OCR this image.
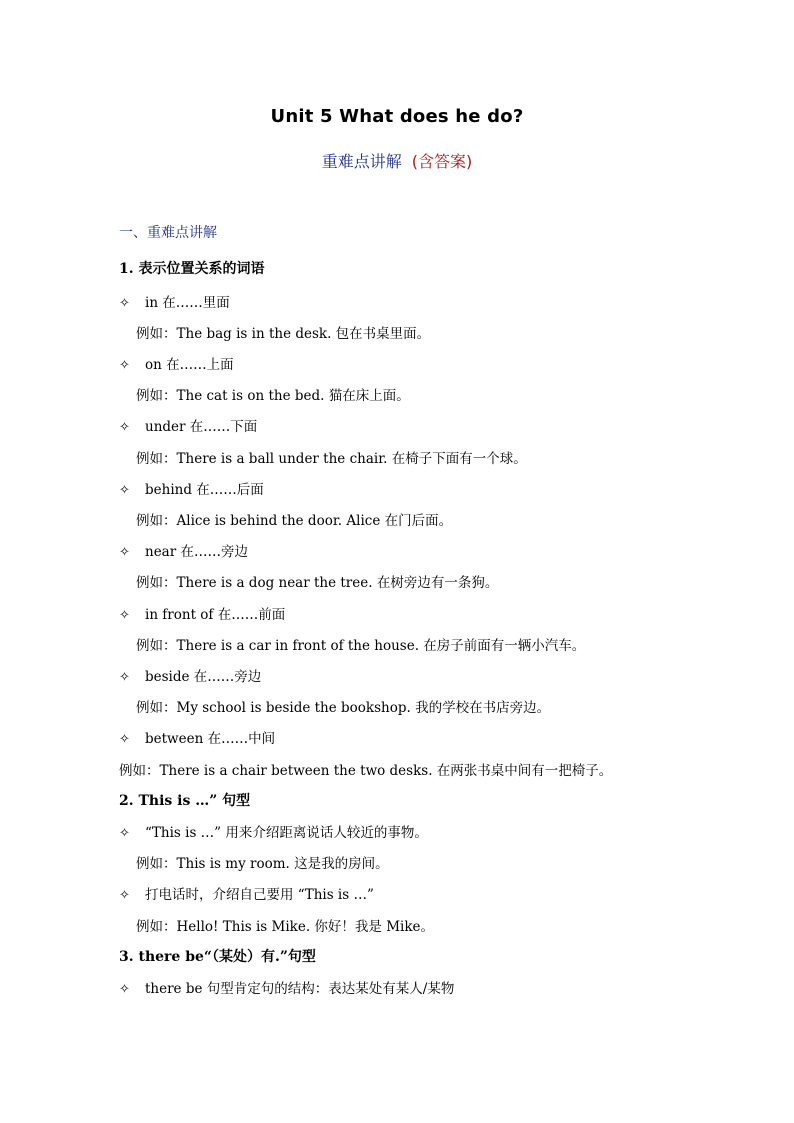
Unit 5 What does he do?
重难点讲解 (含答案)
一、重难点讲解
1. 表示位置关系的词语
✧ in 在……里面
例如：The bag is in the desk. 包在书桌里面。
✧ on 在……上面
例如：The cat is on the bed. 猫在床上面。
✧ under 在……下面
例如：There is a ball under the chair. 在椅子下面有一个球。
✧ behind 在……后面
例如：Alice is behind the door. Alice 在门后面。
✧ near 在……旁边
例如：There is a dog near the tree. 在树旁边有一条狗。
✧ in front of 在……前面
例如：There is a car in front of the house. 在房子前面有一辆小汽车。
✧ beside 在……旁边
例如：My school is beside the bookshop. 我的学校在书店旁边。
✧ between 在……中间
例如：There is a chair between the two desks. 在两张书桌中间有一把椅子。
2. This is …” 句型
✧ “This is …” 用来介绍距离说话人较近的事物。
例如：This is my room. 这是我的房间。
✧ 打电话时，介绍自己要用 “This is …”
例如：Hello! This is Mike. 你好！我是 Mike。
3. there be“（某处）有.”句型
✧ there be 句型肯定句的结构：表达某处有某人/某物
